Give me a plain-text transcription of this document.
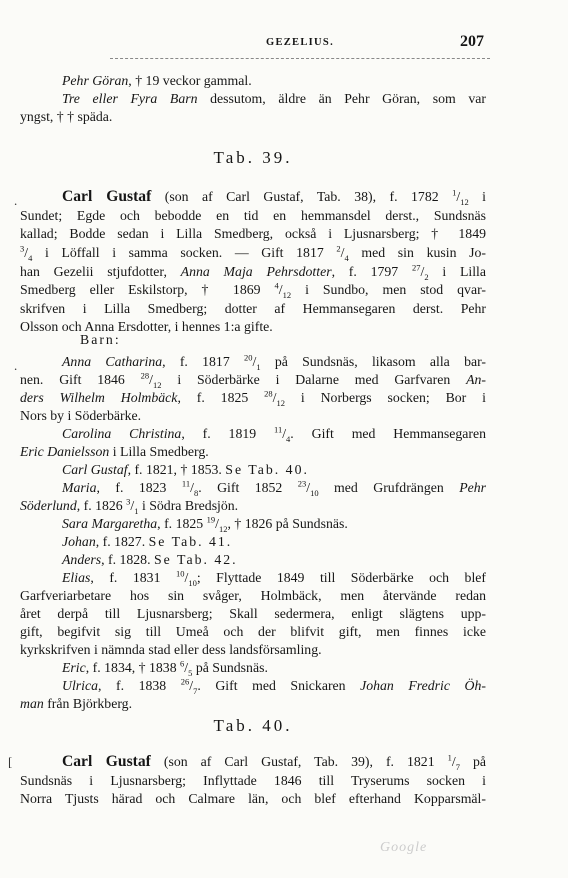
GEZELIUS.	207
Pehr Göran, † 19 veckor gammal.
Tre eller Fyra Barn dessutom, äldre än Pehr Göran, som var
yngst, † † späda.
Tab. 39.
.	Carl Gustaf (son af Carl Gustaf, Tab. 38), f. 1782 $^1/_{12}$ i
Sundet; Egde och bebodde en tid en hemmansdel derst., Sundsnäs
kallad; Bodde sedan i Lilla Smedberg, också i Ljusnarsberg; † 1849
$^3/_4$ i Löffall i samma socken. — Gift 1817 $^2/_4$ med sin kusin Jo-
han Gezelii stjufdotter, Anna Maja Pehrsdotter, f. 1797 $^{27}/_2$ i Lilla
Smedberg eller Eskilstorp, † 1869 $^4/_{12}$ i Sundbo, men stod qvar-
skrifven i Lilla Smedberg; dotter af Hemmansegaren derst. Pehr
Olsson och Anna Ersdotter, i hennes 1:a gifte.
Barn:
.	Anna Catharina, f. 1817 $^{20}/_1$ på Sundsnäs, likasom alla bar-
nen. Gift 1846 $^{28}/_{12}$ i Söderbärke i Dalarne med Garfvaren An-
ders Wilhelm Holmbäck, f. 1825 $^{28}/_{12}$ i Norbergs socken; Bor i
Nors by i Söderbärke.
Carolina Christina, f. 1819 $^{11}/_4$. Gift med Hemmansegaren
Eric Danielsson i Lilla Smedberg.
Carl Gustaf, f. 1821, † 1853. Se Tab. 40.
Maria, f. 1823 $^{11}/_8$. Gift 1852 $^{23}/_{10}$ med Grufdrängen Pehr
Söderlund, f. 1826 $^3/_1$ i Södra Bredsjön.
Sara Margaretha, f. 1825 $^{19}/_{12}$, † 1826 på Sundsnäs.
Johan, f. 1827. Se Tab. 41.
Anders, f. 1828. Se Tab. 42.
Elias, f. 1831 $^{10}/_{10}$; Flyttade 1849 till Söderbärke och blef
Garfveriarbetare hos sin svåger, Holmbäck, men återvände redan
året derpå till Ljusnarsberg; Skall sedermera, enligt slägtens upp-
gift, begifvit sig till Umeå och der blifvit gift, men finnes icke
kyrkskrifven i nämnda stad eller dess landsförsamling.
Eric, f. 1834, † 1838 $^6/_5$ på Sundsnäs.
Ulrica, f. 1838 $^{26}/_7$. Gift med Snickaren Johan Fredric Öh-
man från Björkberg.
Tab. 40.
[	Carl Gustaf (son af Carl Gustaf, Tab. 39), f. 1821 $^1/_7$ på
Sundsnäs i Ljusnarsberg; Inflyttade 1846 till Tryserums socken i
Norra Tjusts härad och Calmare län, och blef efterhand Kopparsmäl-
Google
